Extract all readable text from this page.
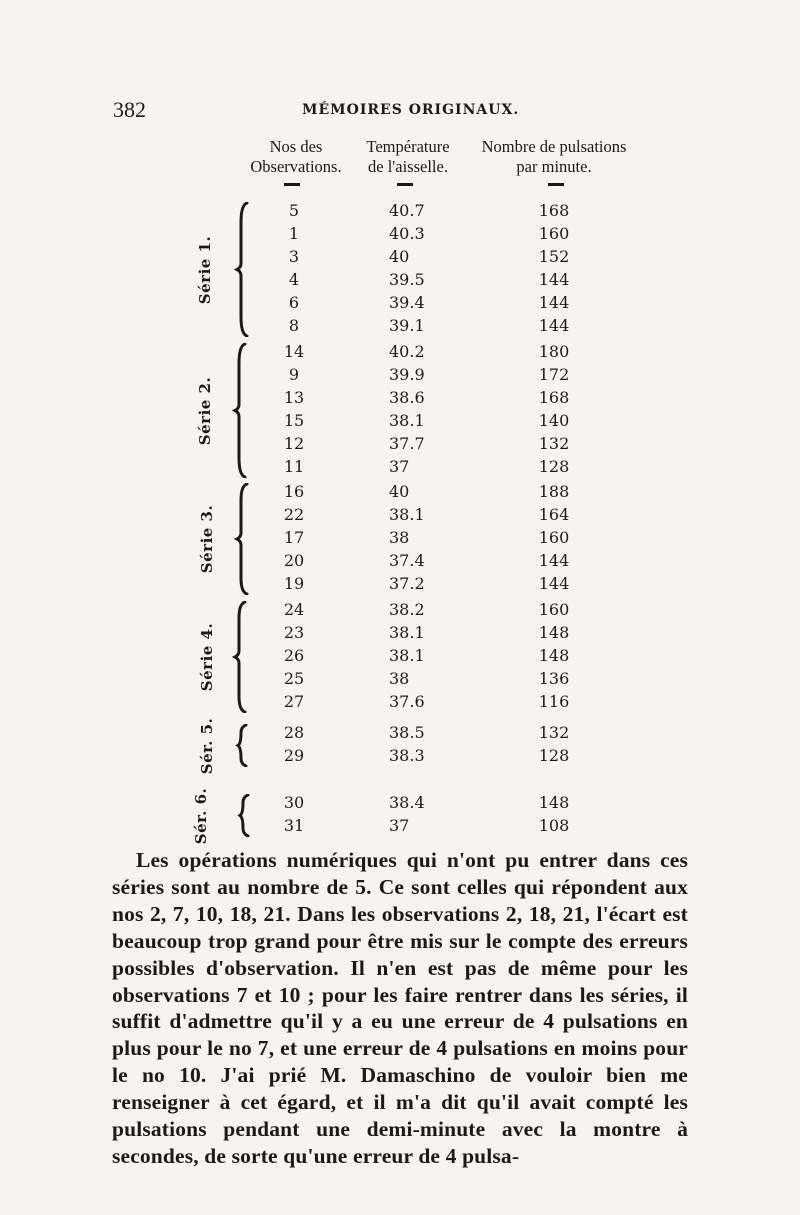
382	MÉMOIRES ORIGINAUX.
Nos des
Observations.
Température
de l'aisselle.
Nombre de pulsations
par minute.
Série 1.
5	40.7	168
1	40.3	160
3	40	152
4	39.5	144
6	39.4	144
8	39.1	144
Série 2.
14	40.2	180
9	39.9	172
13	38.6	168
15	38.1	140
12	37.7	132
11	37	128
Série 3.
16	40	188
22	38.1	164
17	38	160
20	37.4	144
19	37.2	144
Série 4.
24	38.2	160
23	38.1	148
26	38.1	148
25	38	136
27	37.6	116
Sér. 5.	28	38.5	132
29	38.3	128
Sér. 6.	30	38.4	148
31	37	108
Les opérations numériques qui n'ont pu entrer dans ces séries sont au nombre de 5. Ce sont celles qui répondent aux nos 2, 7, 10, 18, 21. Dans les observations 2, 18, 21, l'écart est beaucoup trop grand pour être mis sur le compte des erreurs possibles d'observation. Il n'en est pas de même pour les observations 7 et 10 ; pour les faire rentrer dans les séries, il suffit d'admettre qu'il y a eu une erreur de 4 pulsations en plus pour le no 7, et une erreur de 4 pulsations en moins pour le no 10. J'ai prié M. Damaschino de vouloir bien me renseigner à cet égard, et il m'a dit qu'il avait compté les pulsations pendant une demi-minute avec la montre à secondes, de sorte qu'une erreur de 4 pulsa-
